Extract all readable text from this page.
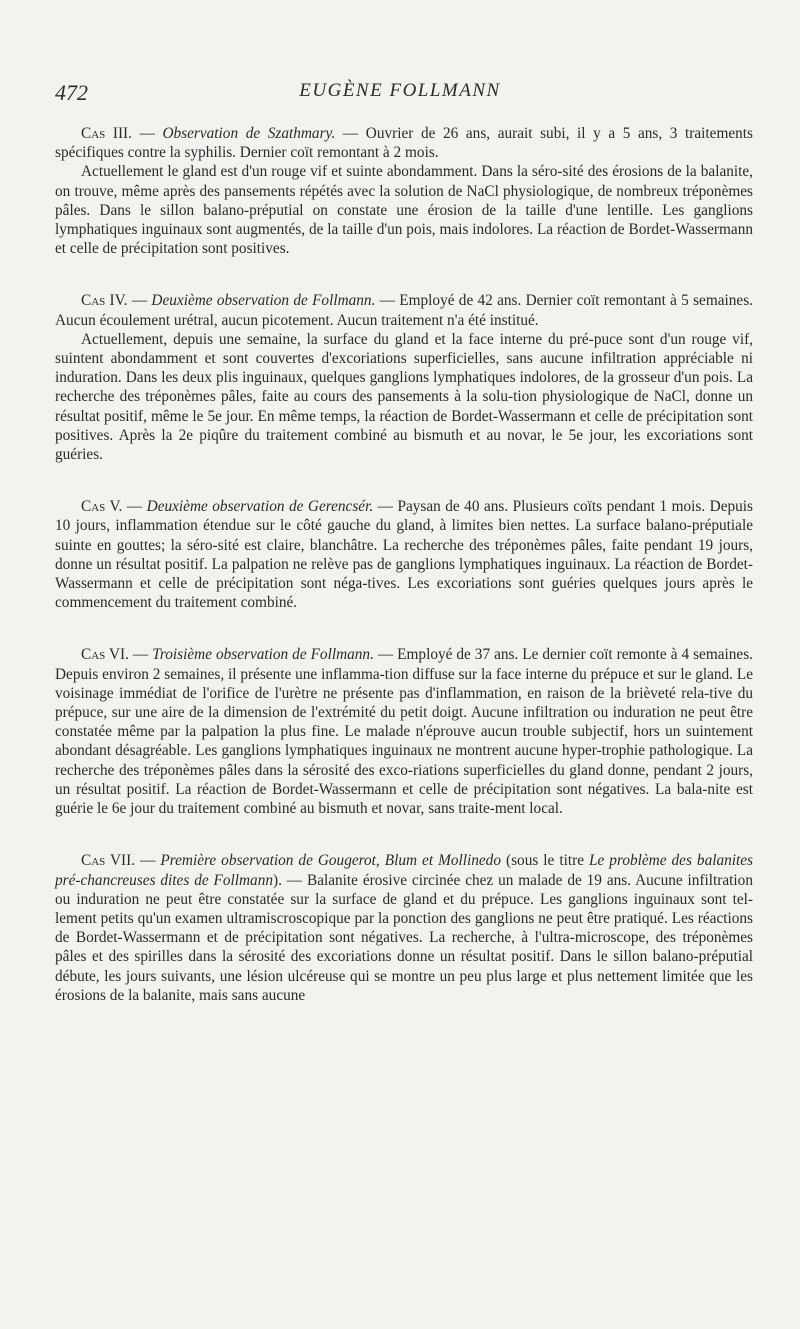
472	EUGÈNE FOLLMANN

Cas III. — Observation de Szathmary. — Ouvrier de 26 ans, aurait subi, il y a 5 ans, 3 traitements spécifiques contre la syphilis. Dernier coït remontant à 2 mois.

Actuellement le gland est d'un rouge vif et suinte abondamment. Dans la séro-sité des érosions de la balanite, on trouve, même après des pansements répétés avec la solution de NaCl physiologique, de nombreux tréponèmes pâles. Dans le sillon balano-préputial on constate une érosion de la taille d'une lentille. Les ganglions lymphatiques inguinaux sont augmentés, de la taille d'un pois, mais indolores. La réaction de Bordet-Wassermann et celle de précipitation sont positives.

Cas IV. — Deuxième observation de Follmann. — Employé de 42 ans. Dernier coït remontant à 5 semaines. Aucun écoulement urétral, aucun picotement. Aucun traitement n'a été institué.

Actuellement, depuis une semaine, la surface du gland et la face interne du pré-puce sont d'un rouge vif, suintent abondamment et sont couvertes d'excoriations superficielles, sans aucune infiltration appréciable ni induration. Dans les deux plis inguinaux, quelques ganglions lymphatiques indolores, de la grosseur d'un pois. La recherche des tréponèmes pâles, faite au cours des pansements à la solu-tion physiologique de NaCl, donne un résultat positif, même le 5e jour. En même temps, la réaction de Bordet-Wassermann et celle de précipitation sont positives. Après la 2e piqûre du traitement combiné au bismuth et au novar, le 5e jour, les excoriations sont guéries.

Cas V. — Deuxième observation de Gerencsér. — Paysan de 40 ans. Plusieurs coïts pendant 1 mois. Depuis 10 jours, inflammation étendue sur le côté gauche du gland, à limites bien nettes. La surface balano-préputiale suinte en gouttes; la séro-sité est claire, blanchâtre. La recherche des tréponèmes pâles, faite pendant 19 jours, donne un résultat positif. La palpation ne relève pas de ganglions lymphatiques inguinaux. La réaction de Bordet-Wassermann et celle de précipitation sont néga-tives. Les excoriations sont guéries quelques jours après le commencement du traitement combiné.

Cas VI. — Troisième observation de Follmann. — Employé de 37 ans. Le dernier coït remonte à 4 semaines. Depuis environ 2 semaines, il présente une inflamma-tion diffuse sur la face interne du prépuce et sur le gland. Le voisinage immédiat de l'orifice de l'urètre ne présente pas d'inflammation, en raison de la brièveté rela-tive du prépuce, sur une aire de la dimension de l'extrémité du petit doigt. Aucune infiltration ou induration ne peut être constatée même par la palpation la plus fine. Le malade n'éprouve aucun trouble subjectif, hors un suintement abondant désagréable. Les ganglions lymphatiques inguinaux ne montrent aucune hyper-trophie pathologique. La recherche des tréponèmes pâles dans la sérosité des exco-riations superficielles du gland donne, pendant 2 jours, un résultat positif. La réaction de Bordet-Wassermann et celle de précipitation sont négatives. La bala-nite est guérie le 6e jour du traitement combiné au bismuth et novar, sans traite-ment local.

Cas VII. — Première observation de Gougerot, Blum et Mollinedo (sous le titre Le problème des balanites pré-chancreuses dites de Follmann). — Balanite érosive circinée chez un malade de 19 ans. Aucune infiltration ou induration ne peut être constatée sur la surface de gland et du prépuce. Les ganglions inguinaux sont tel-lement petits qu'un examen ultramiscroscopique par la ponction des ganglions ne peut être pratiqué. Les réactions de Bordet-Wassermann et de précipitation sont négatives. La recherche, à l'ultra-microscope, des tréponèmes pâles et des spirilles dans la sérosité des excoriations donne un résultat positif. Dans le sillon balano-préputial débute, les jours suivants, une lésion ulcéreuse qui se montre un peu plus large et plus nettement limitée que les érosions de la balanite, mais sans aucune
